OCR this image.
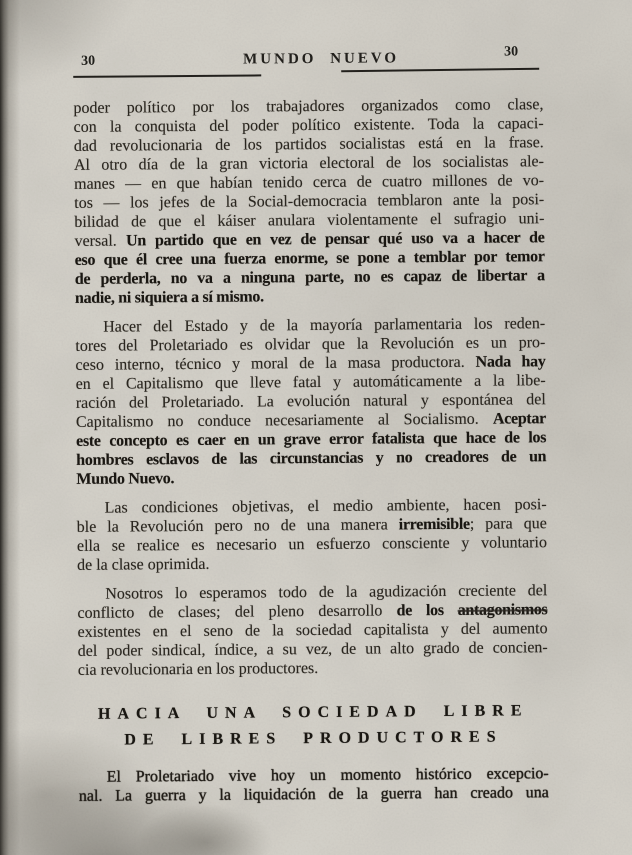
30	MUNDO NUEVO	30
poder político por los trabajadores organizados como clase,
con la conquista del poder político existente. Toda la capaci-
dad revolucionaria de los partidos socialistas está en la frase.
Al otro día de la gran victoria electoral de los socialistas ale-
manes — en que habían tenido cerca de cuatro millones de vo-
tos — los jefes de la Social-democracia temblaron ante la posi-
bilidad de que el káiser anulara violentamente el sufragio uni-
versal. Un partido que en vez de pensar qué uso va a hacer de
eso que él cree una fuerza enorme, se pone a temblar por temor
de perderla, no va a ninguna parte, no es capaz de libertar a
nadie, ni siquiera a sí mismo.
Hacer del Estado y de la mayoría parlamentaria los reden-
tores del Proletariado es olvidar que la Revolución es un pro-
ceso interno, técnico y moral de la masa productora. Nada hay
en el Capitalismo que lleve fatal y automáticamente a la libe-
ración del Proletariado. La evolución natural y espontánea del
Capitalismo no conduce necesariamente al Socialismo. Aceptar
este concepto es caer en un grave error fatalista que hace de los
hombres esclavos de las circunstancias y no creadores de un
Mundo Nuevo.
Las condiciones objetivas, el medio ambiente, hacen posi-
ble la Revolución pero no de una manera irremisible; para que
ella se realice es necesario un esfuerzo consciente y voluntario
de la clase oprimida.
Nosotros lo esperamos todo de la agudización creciente del
conflicto de clases; del pleno desarrollo de los antagonismos
existentes en el seno de la sociedad capitalista y del aumento
del poder sindical, índice, a su vez, de un alto grado de concien-
cia revolucionaria en los productores.
HACIA UNA SOCIEDAD LIBRE
DE LIBRES PRODUCTORES
El Proletariado vive hoy un momento histórico excepcio-
nal. La guerra y la liquidación de la guerra han creado una
